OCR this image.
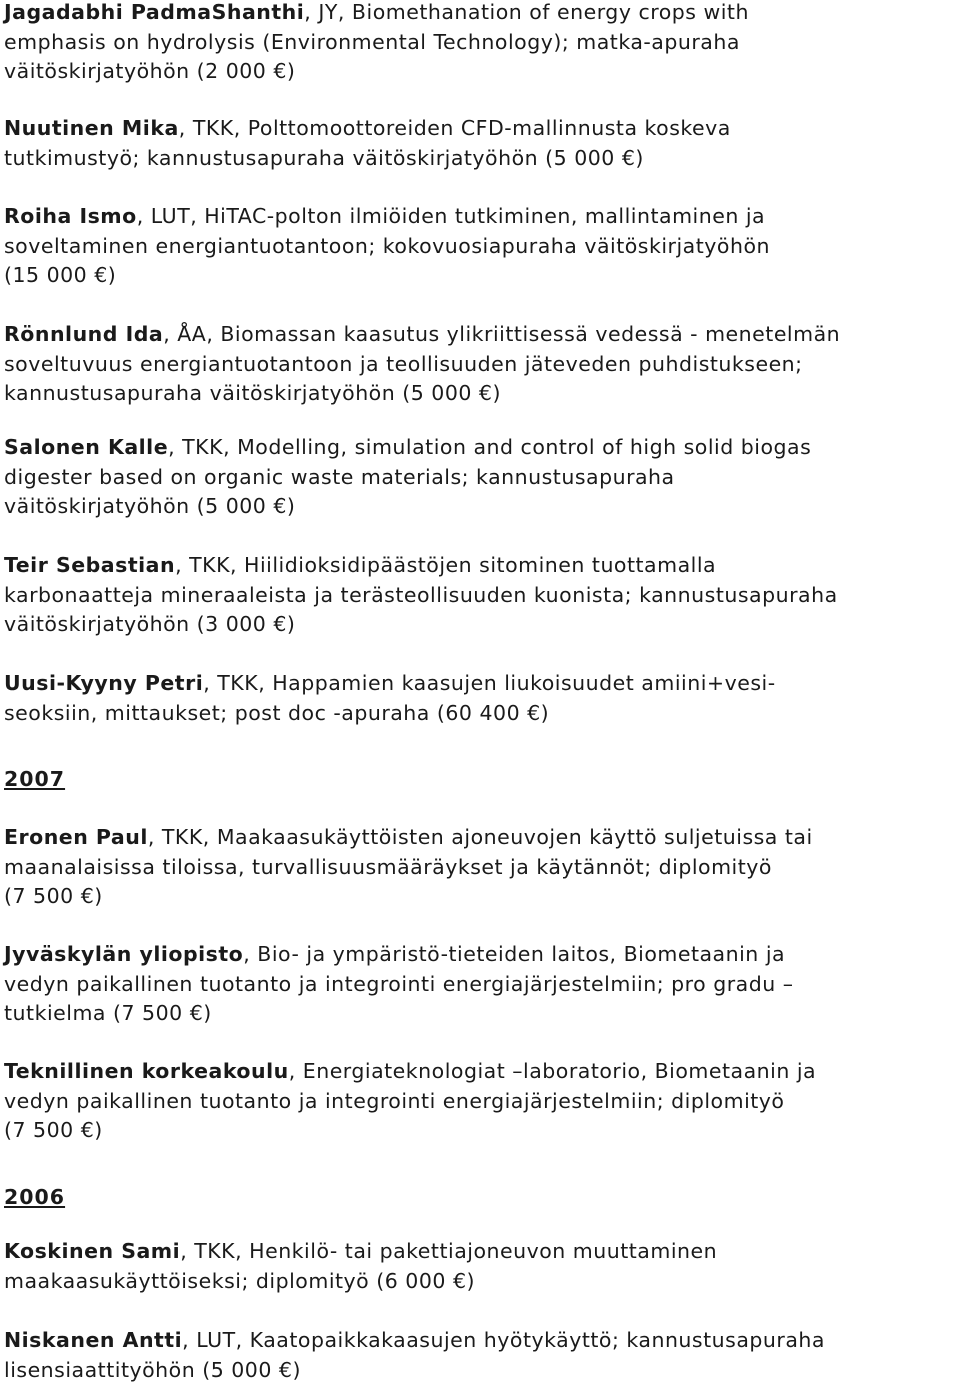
Jagadabhi PadmaShanthi, JY, Biomethanation of energy crops with
emphasis on hydrolysis (Environmental Technology); matka-apuraha
väitöskirjatyöhön (2 000 €)
Nuutinen Mika, TKK, Polttomoottoreiden CFD-mallinnusta koskeva
tutkimustyö; kannustusapuraha väitöskirjatyöhön (5 000 €)
Roiha Ismo, LUT, HiTAC-polton ilmiöiden tutkiminen, mallintaminen ja
soveltaminen energiantuotantoon; kokovuosiapuraha väitöskirjatyöhön
(15 000 €)
Rönnlund Ida, ÅA, Biomassan kaasutus ylikriittisessä vedessä - menetelmän
soveltuvuus energiantuotantoon ja teollisuuden jäteveden puhdistukseen;
kannustusapuraha väitöskirjatyöhön (5 000 €)
Salonen Kalle, TKK, Modelling, simulation and control of high solid biogas
digester based on organic waste materials; kannustusapuraha
väitöskirjatyöhön (5 000 €)
Teir Sebastian, TKK, Hiilidioksidipäästöjen sitominen tuottamalla
karbonaatteja mineraaleista ja terästeollisuuden kuonista; kannustusapuraha
väitöskirjatyöhön (3 000 €)
Uusi-Kyyny Petri, TKK, Happamien kaasujen liukoisuudet amiini+vesi-
seoksiin, mittaukset; post doc -apuraha (60 400 €)
2007
Eronen Paul, TKK, Maakaasukäyttöisten ajoneuvojen käyttö suljetuissa tai
maanalaisissa tiloissa, turvallisuusmääräykset ja käytännöt; diplomityö
(7 500 €)
Jyväskylän yliopisto, Bio- ja ympäristö-tieteiden laitos, Biometaanin ja
vedyn paikallinen tuotanto ja integrointi energiajärjestelmiin; pro gradu –
tutkielma (7 500 €)
Teknillinen korkeakoulu, Energiateknologiat –laboratorio, Biometaanin ja
vedyn paikallinen tuotanto ja integrointi energiajärjestelmiin; diplomityö
(7 500 €)
2006
Koskinen Sami, TKK, Henkilö- tai pakettiajoneuvon muuttaminen
maakaasukäyttöiseksi; diplomityö (6 000 €)
Niskanen Antti, LUT, Kaatopaikkakaasujen hyötykäyttö; kannustusapuraha
lisensiaattityöhön (5 000 €)
